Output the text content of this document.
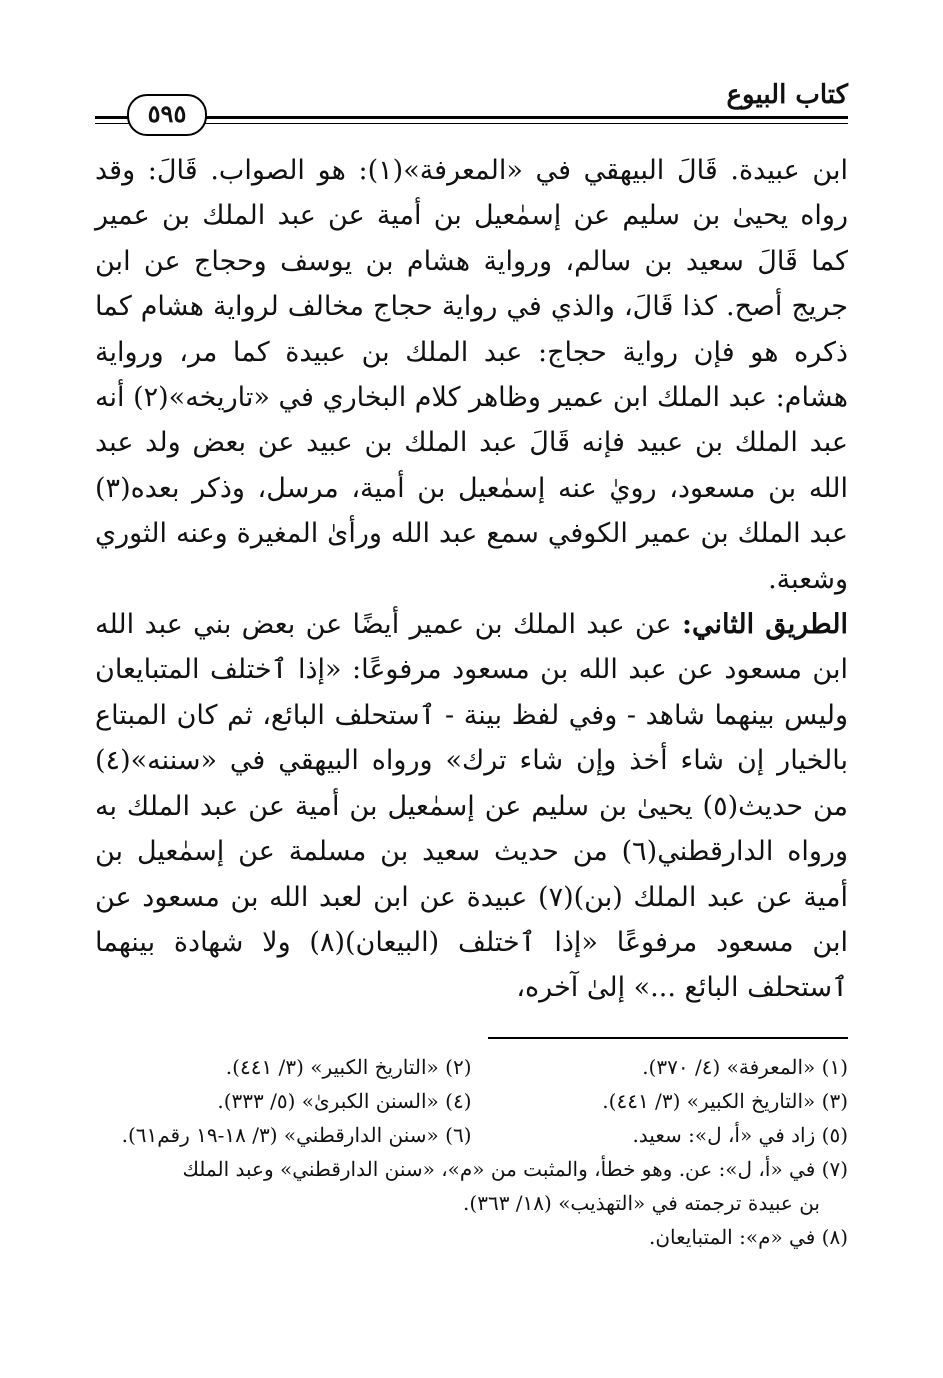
كتاب البيوع
٥٩٥

ابن عبيدة. قَالَ البيهقي في «المعرفة»(١): هو الصواب. قَالَ: وقد رواه يحيىٰ بن سليم عن إسمٰعيل بن أمية عن عبد الملك بن عمير كما قَالَ سعيد بن سالم، ورواية هشام بن يوسف وحجاج عن ابن جريج أصح. كذا قَالَ، والذي في رواية حجاج مخالف لرواية هشام كما ذكره هو فإن رواية حجاج: عبد الملك بن عبيدة كما مر، ورواية هشام: عبد الملك ابن عمير وظاهر كلام البخاري في «تاريخه»(٢) أنه عبد الملك بن عبيد فإنه قَالَ عبد الملك بن عبيد عن بعض ولد عبد الله بن مسعود، رويٰ عنه إسمٰعيل بن أمية، مرسل، وذكر بعده(٣) عبد الملك بن عمير الكوفي سمع عبد الله ورأىٰ المغيرة وعنه الثوري وشعبة.

الطريق الثاني: عن عبد الملك بن عمير أيضًا عن بعض بني عبد الله ابن مسعود عن عبد الله بن مسعود مرفوعًا: «إذا ٱختلف المتبايعان وليس بينهما شاهد - وفي لفظ بينة - ٱستحلف البائع، ثم كان المبتاع بالخيار إن شاء أخذ وإن شاء ترك» ورواه البيهقي في «سننه»(٤) من حديث(٥) يحيىٰ بن سليم عن إسمٰعيل بن أمية عن عبد الملك به ورواه الدارقطني(٦) من حديث سعيد بن مسلمة عن إسمٰعيل بن أمية عن عبد الملك (بن)(٧) عبيدة عن ابن لعبد الله بن مسعود عن ابن مسعود مرفوعًا «إذا ٱختلف (البيعان)(٨) ولا شهادة بينهما ٱستحلف البائع ...» إلىٰ آخره،

(١) «المعرفة» (٤/ ٣٧٠).
(٢) «التاريخ الكبير» (٣/ ٤٤١).
(٣) «التاريخ الكبير» (٣/ ٤٤١).
(٤) «السنن الكبرىٰ» (٥/ ٣٣٣).
(٥) زاد في «أ، ل»: سعيد.
(٦) «سنن الدارقطني» (٣/ ١٨-١٩ رقم٦١).
(٧) في «أ، ل»: عن. وهو خطأ، والمثبت من «م»، «سنن الدارقطني» وعبد الملك
بن عبيدة ترجمته في «التهذيب» (١٨/ ٣٦٣).
(٨) في «م»: المتبايعان.
